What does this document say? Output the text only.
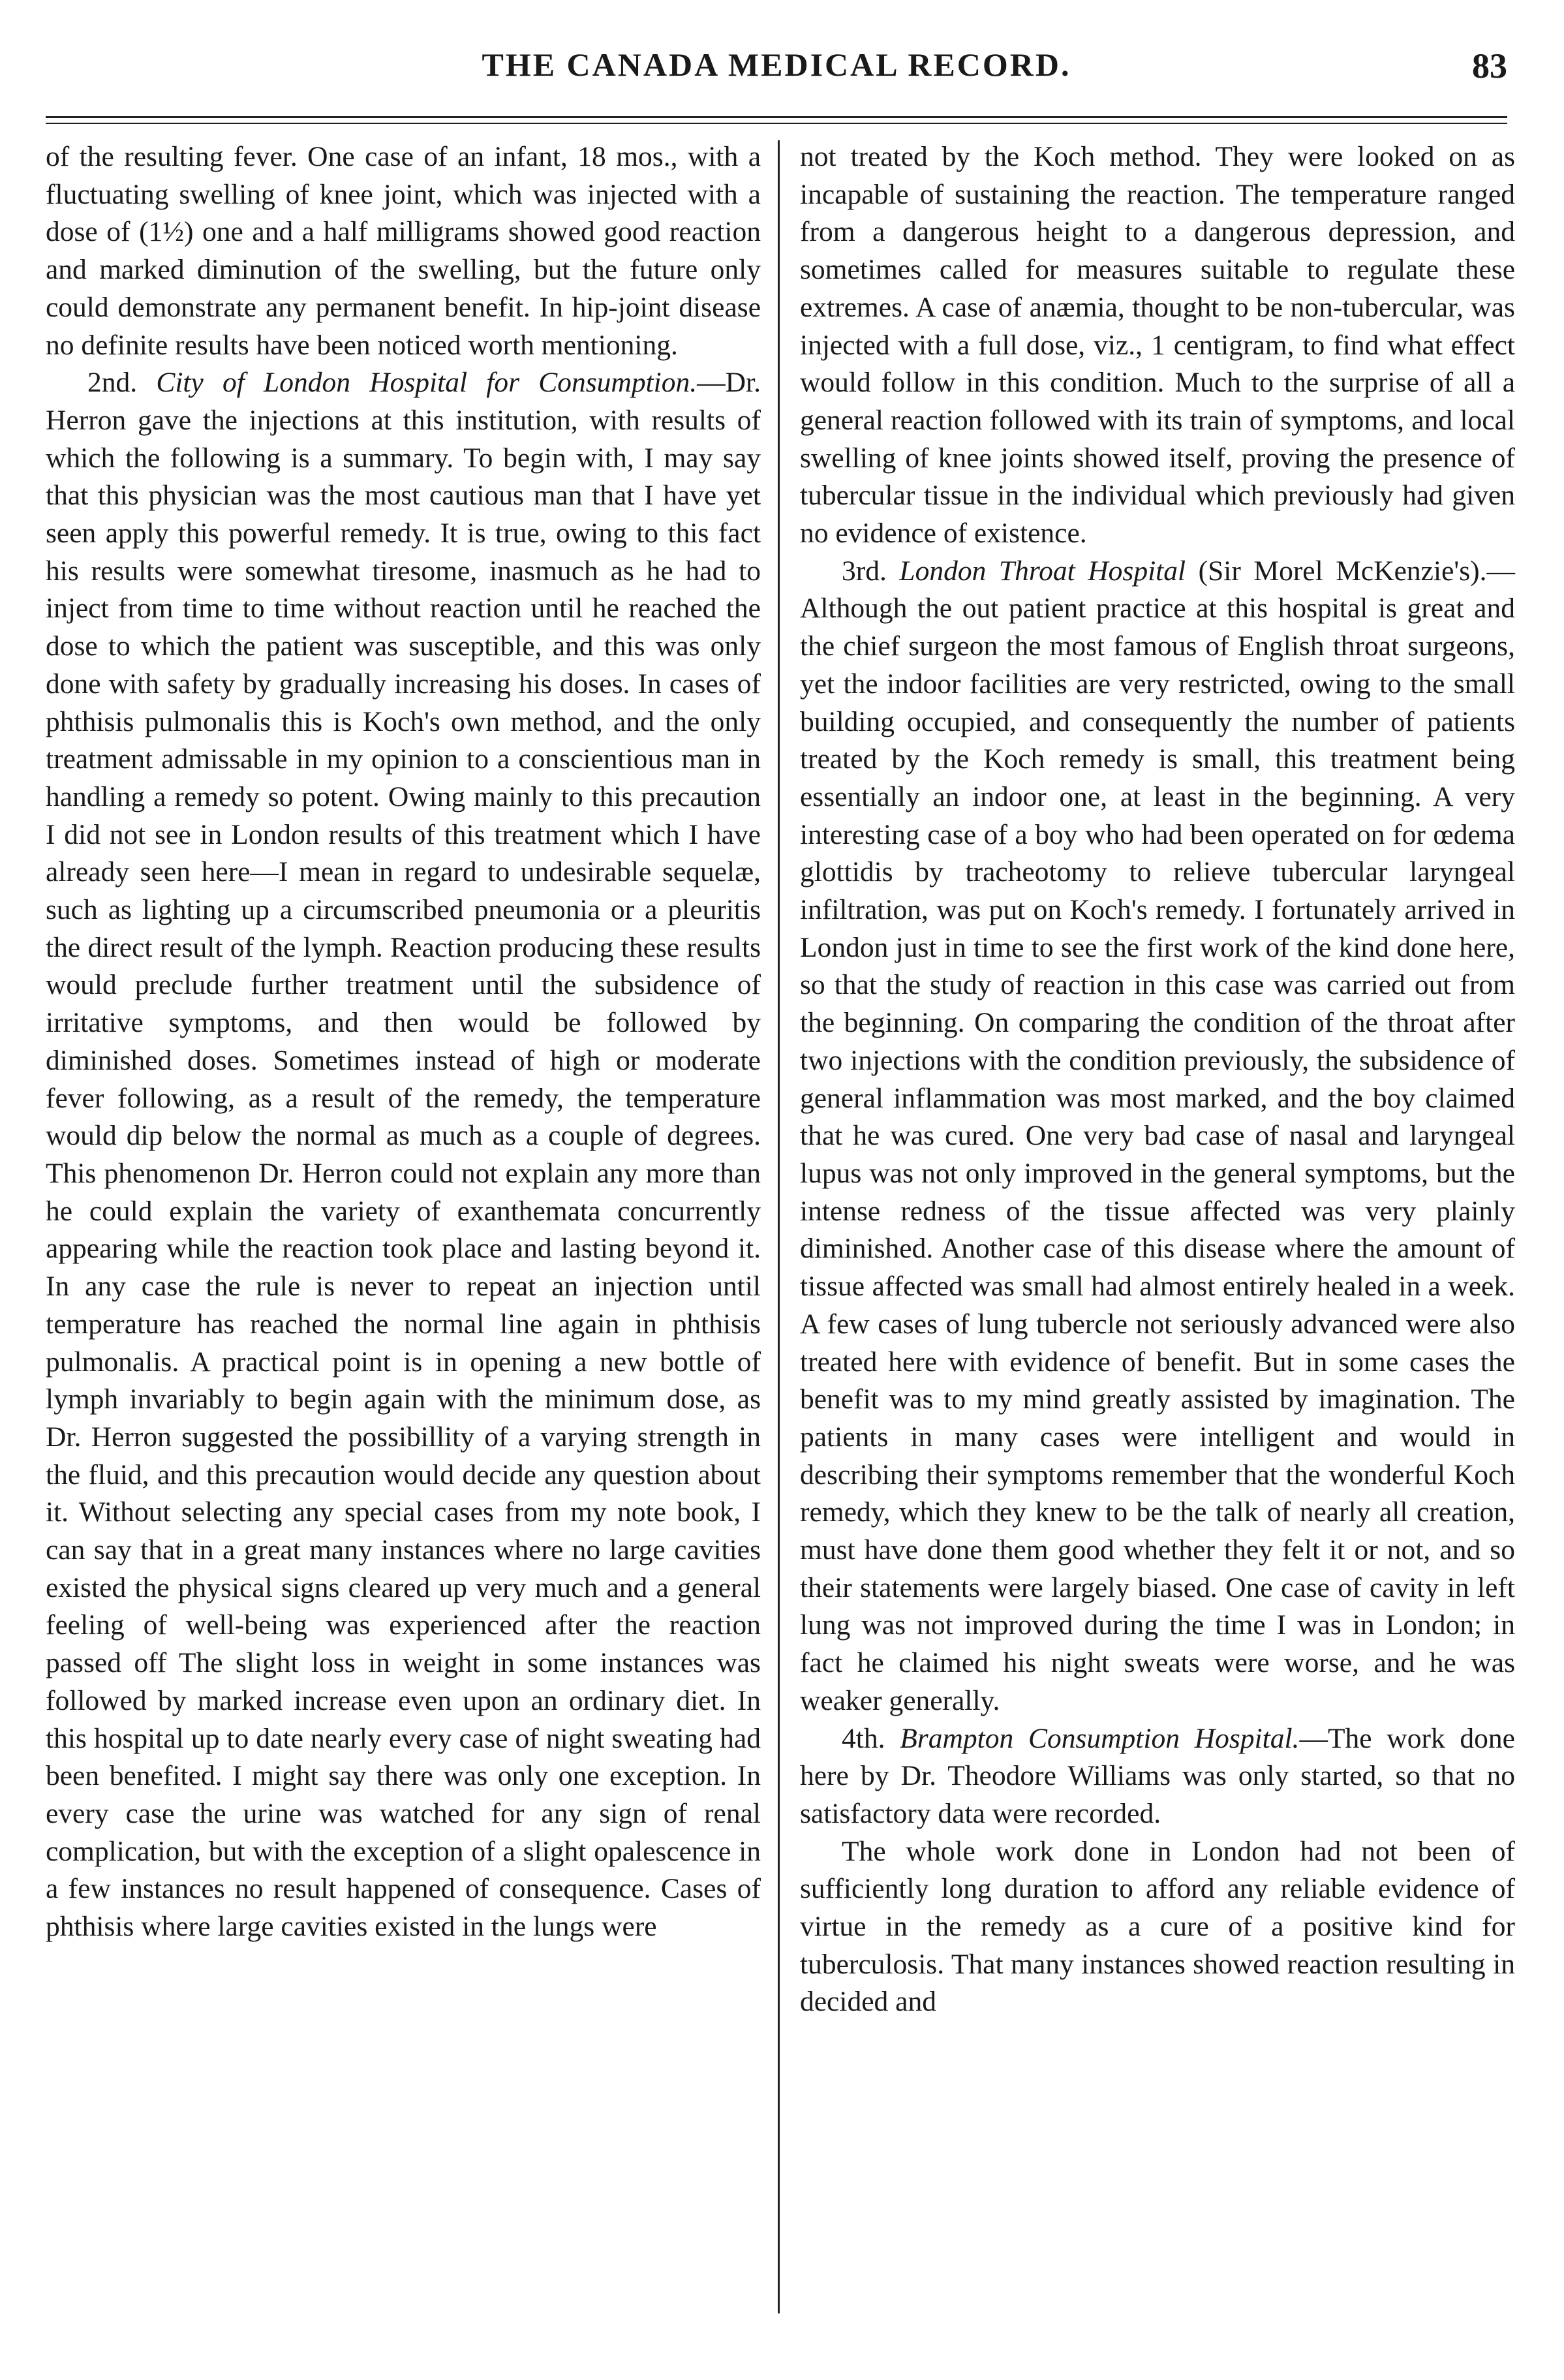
THE CANADA MEDICAL RECORD.	83

of the resulting fever. One case of an infant, 18 mos., with a fluctuating swelling of knee joint, which was injected with a dose of (1½) one and a half milligrams showed good reaction and marked diminution of the swelling, but the future only could demonstrate any permanent benefit. In hip-joint disease no definite results have been noticed worth mentioning.

2nd. City of London Hospital for Consumption.—Dr. Herron gave the injections at this institution, with results of which the following is a summary. To begin with, I may say that this physician was the most cautious man that I have yet seen apply this powerful remedy. It is true, owing to this fact his results were somewhat tiresome, inasmuch as he had to inject from time to time without reaction until he reached the dose to which the patient was susceptible, and this was only done with safety by gradually increasing his doses. In cases of phthisis pulmonalis this is Koch's own method, and the only treatment admissable in my opinion to a conscientious man in handling a remedy so potent. Owing mainly to this precaution I did not see in London results of this treatment which I have already seen here—I mean in regard to undesirable sequelæ, such as lighting up a circumscribed pneumonia or a pleuritis the direct result of the lymph. Reaction producing these results would preclude further treatment until the subsidence of irritative symptoms, and then would be followed by diminished doses. Sometimes instead of high or moderate fever following, as a result of the remedy, the temperature would dip below the normal as much as a couple of degrees. This phenomenon Dr. Herron could not explain any more than he could explain the variety of exanthemata concurrently appearing while the reaction took place and lasting beyond it. In any case the rule is never to repeat an injection until temperature has reached the normal line again in phthisis pulmonalis. A practical point is in opening a new bottle of lymph invariably to begin again with the minimum dose, as Dr. Herron suggested the possibillity of a varying strength in the fluid, and this precaution would decide any question about it. Without selecting any special cases from my note book, I can say that in a great many instances where no large cavities existed the physical signs cleared up very much and a general feeling of well-being was experienced after the reaction passed off The slight loss in weight in some instances was followed by marked increase even upon an ordinary diet. In this hospital up to date nearly every case of night sweating had been benefited. I might say there was only one exception. In every case the urine was watched for any sign of renal complication, but with the exception of a slight opalescence in a few instances no result happened of consequence. Cases of phthisis where large cavities existed in the lungs were

not treated by the Koch method. They were looked on as incapable of sustaining the reaction. The temperature ranged from a dangerous height to a dangerous depression, and sometimes called for measures suitable to regulate these extremes. A case of anæmia, thought to be non-tubercular, was injected with a full dose, viz., 1 centigram, to find what effect would follow in this condition. Much to the surprise of all a general reaction followed with its train of symptoms, and local swelling of knee joints showed itself, proving the presence of tubercular tissue in the individual which previously had given no evidence of existence.

3rd. London Throat Hospital (Sir Morel McKenzie's).—Although the out patient practice at this hospital is great and the chief surgeon the most famous of English throat surgeons, yet the indoor facilities are very restricted, owing to the small building occupied, and consequently the number of patients treated by the Koch remedy is small, this treatment being essentially an indoor one, at least in the beginning. A very interesting case of a boy who had been operated on for œdema glottidis by tracheotomy to relieve tubercular laryngeal infiltration, was put on Koch's remedy. I fortunately arrived in London just in time to see the first work of the kind done here, so that the study of reaction in this case was carried out from the beginning. On comparing the condition of the throat after two injections with the condition previously, the subsidence of general inflammation was most marked, and the boy claimed that he was cured. One very bad case of nasal and laryngeal lupus was not only improved in the general symptoms, but the intense redness of the tissue affected was very plainly diminished. Another case of this disease where the amount of tissue affected was small had almost entirely healed in a week. A few cases of lung tubercle not seriously advanced were also treated here with evidence of benefit. But in some cases the benefit was to my mind greatly assisted by imagination. The patients in many cases were intelligent and would in describing their symptoms remember that the wonderful Koch remedy, which they knew to be the talk of nearly all creation, must have done them good whether they felt it or not, and so their statements were largely biased. One case of cavity in left lung was not improved during the time I was in London; in fact he claimed his night sweats were worse, and he was weaker generally.

4th. Brampton Consumption Hospital.—The work done here by Dr. Theodore Williams was only started, so that no satisfactory data were recorded.

The whole work done in London had not been of sufficiently long duration to afford any reliable evidence of virtue in the remedy as a cure of a positive kind for tuberculosis. That many instances showed reaction resulting in decided and
